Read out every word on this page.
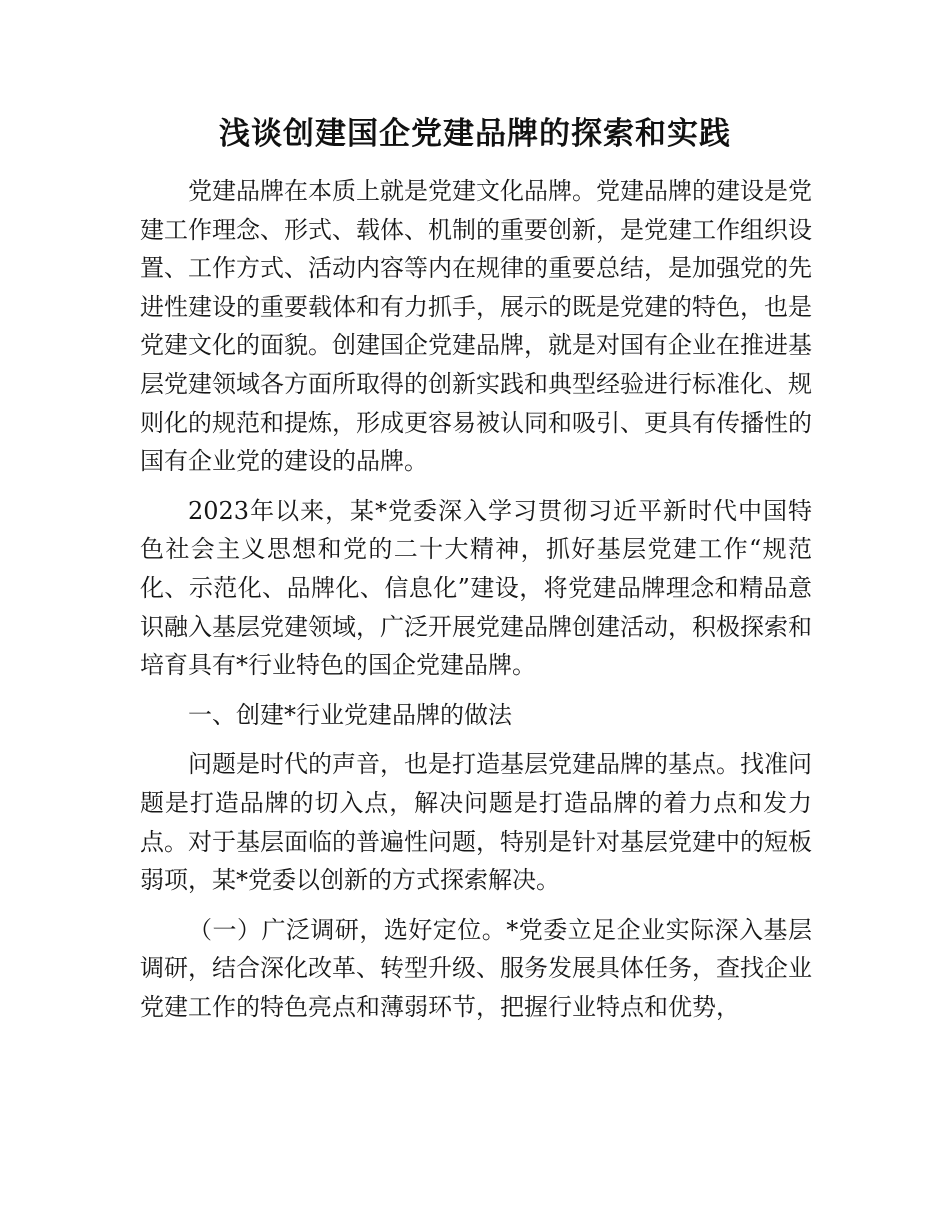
浅谈创建国企党建品牌的探索和实践

党建品牌在本质上就是党建文化品牌。党建品牌的建设是党建工作理念、形式、载体、机制的重要创新，是党建工作组织设置、工作方式、活动内容等内在规律的重要总结，是加强党的先进性建设的重要载体和有力抓手，展示的既是党建的特色，也是党建文化的面貌。创建国企党建品牌，就是对国有企业在推进基层党建领域各方面所取得的创新实践和典型经验进行标准化、规则化的规范和提炼，形成更容易被认同和吸引、更具有传播性的国有企业党的建设的品牌。

2023年以来，某*党委深入学习贯彻习近平新时代中国特色社会主义思想和党的二十大精神，抓好基层党建工作“规范化、示范化、品牌化、信息化”建设，将党建品牌理念和精品意识融入基层党建领域，广泛开展党建品牌创建活动，积极探索和培育具有*行业特色的国企党建品牌。

一、创建*行业党建品牌的做法

问题是时代的声音，也是打造基层党建品牌的基点。找准问题是打造品牌的切入点，解决问题是打造品牌的着力点和发力点。对于基层面临的普遍性问题，特别是针对基层党建中的短板弱项，某*党委以创新的方式探索解决。

（一）广泛调研，选好定位。*党委立足企业实际深入基层调研，结合深化改革、转型升级、服务发展具体任务，查找企业党建工作的特色亮点和薄弱环节，把握行业特点和优势，
